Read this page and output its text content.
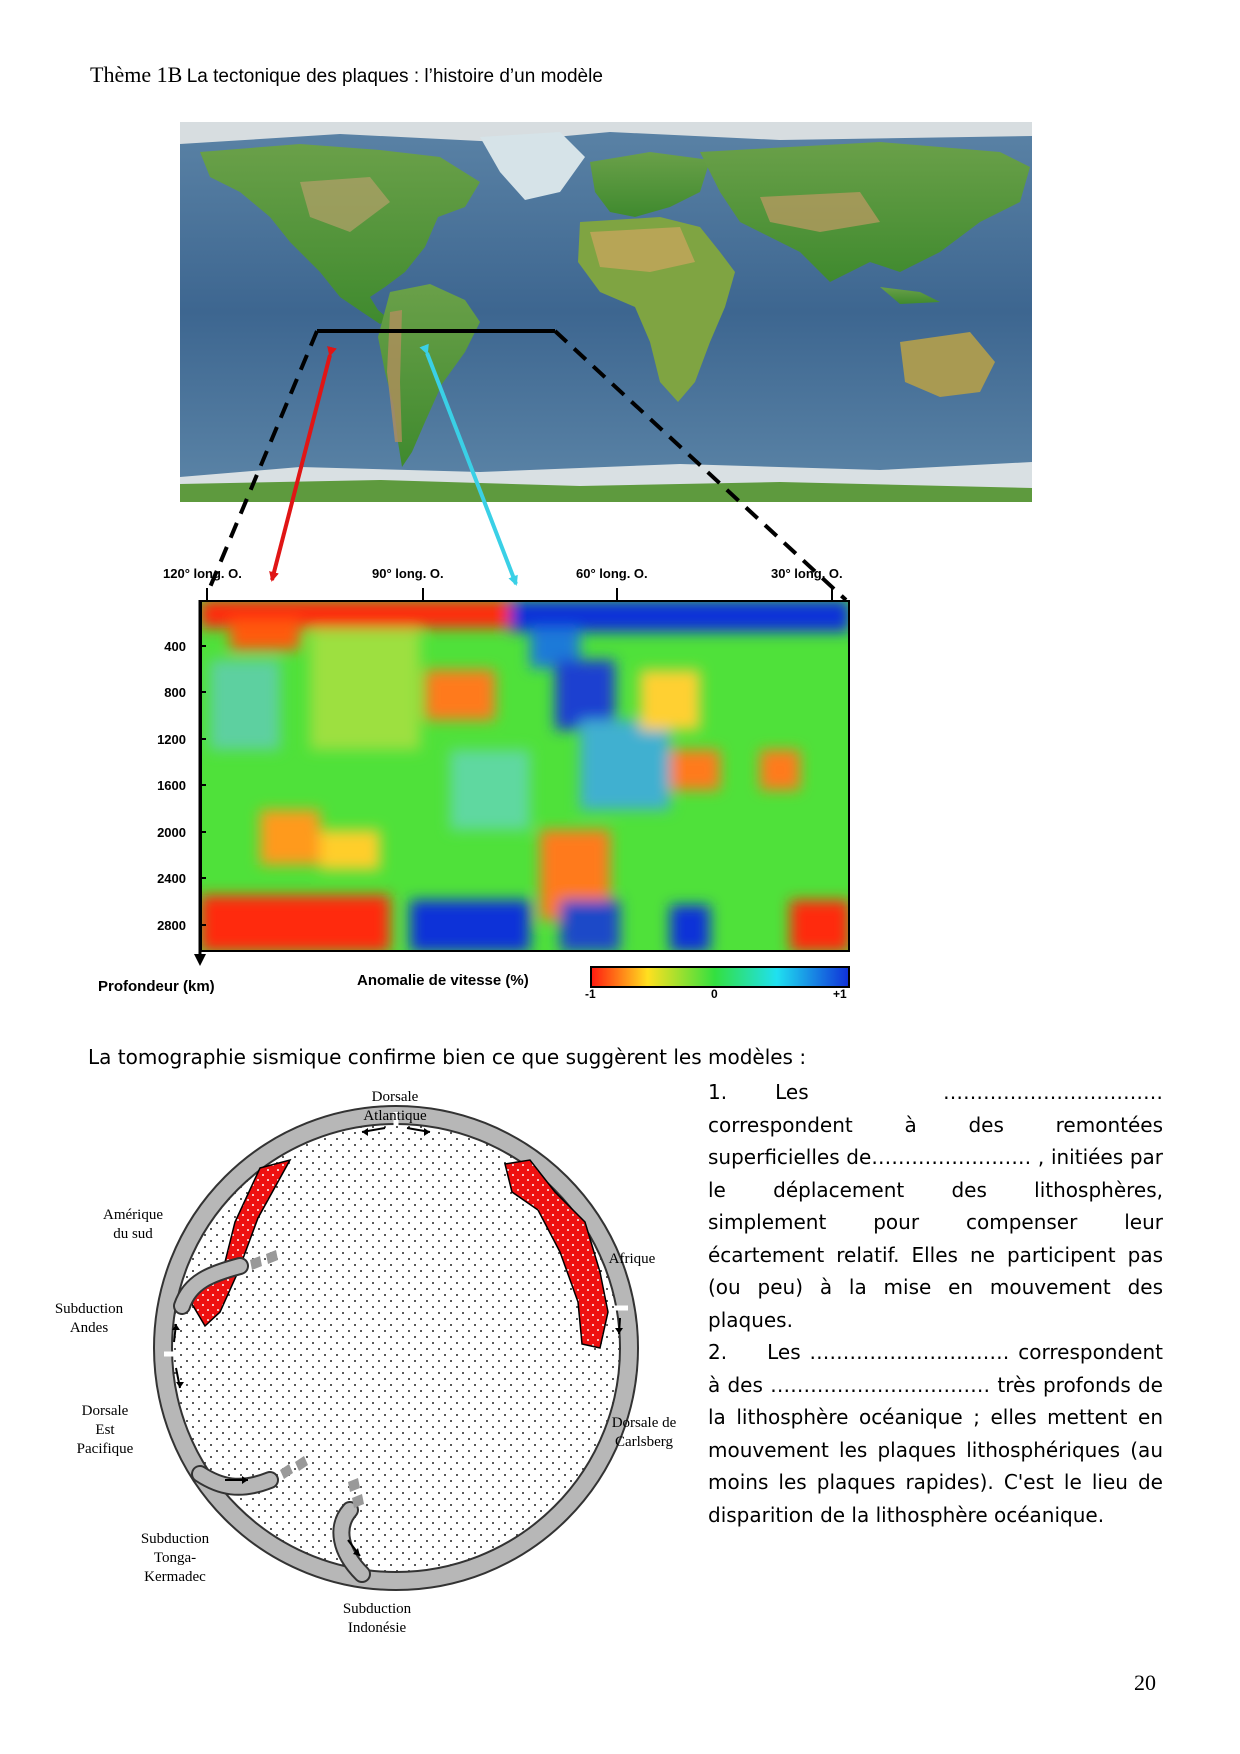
Thème 1B La tectonique des plaques : l’histoire d’un modèle
120° long. O.	90° long. O.	60° long. O.	30° long. O.
400
800
1200
1600
2000
2400
2800
Profondeur (km)	Anomalie de vitesse (%)
-1	0	+1
La tomographie sismique confirme bien ce que suggèrent les modèles :
Dorsale
Atlantique
Amérique
du sud
Afrique
Subduction
Andes
Dorsale
Est
Pacifique
Dorsale de
Carlsberg
Subduction
Tonga-
Kermadec
Subduction
Indonésie
1. Les …………………………… correspondent à des remontées superficielles de…………………… , initiées par le déplacement des lithosphères, simplement pour compenser leur écartement relatif. Elles ne participent pas (ou peu) à la mise en mouvement des plaques.
2. Les ………………………… correspondent à des …………………………… très profonds de la lithosphère océanique ; elles mettent en mouvement les plaques lithosphériques (au moins les plaques rapides). C'est le lieu de disparition de la lithosphère océanique.
20
